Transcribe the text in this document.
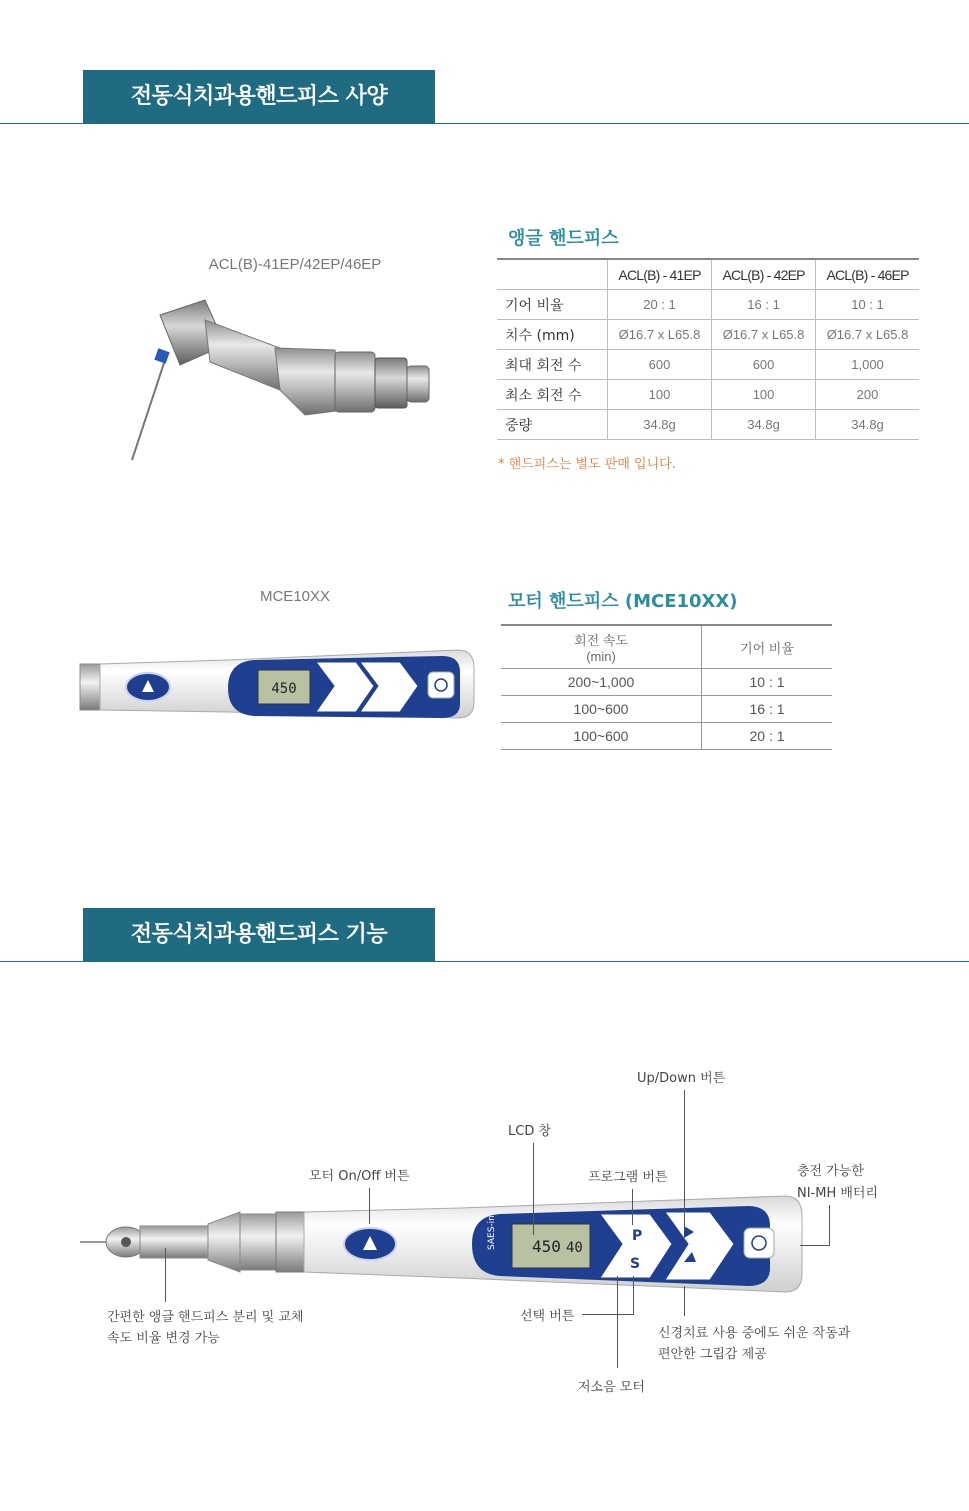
전동식치과용핸드피스 사양
ACL(B)-41EP/42EP/46EP
앵글 핸드피스
	ACL(B) - 41EP	ACL(B) - 42EP	ACL(B) - 46EP
기어 비율	20 : 1	16 : 1	10 : 1
치수 (mm)	Ø16.7 x L65.8	Ø16.7 x L65.8	Ø16.7 x L65.8
최대 회전 수	600	600	1,000
최소 회전 수	100	100	200
중량	34.8g	34.8g	34.8g
* 핸드피스는 별도 판매 입니다.
MCE10XX
450
모터 핸드피스 (MCE10XX)
회전 속도
(min)	기어 비율
200~1,000	10 : 1
100~600	16 : 1
100~600	20 : 1
전동식치과용핸드피스 기능
SAES-in 450 40
P
S
Up/Down 버튼
LCD 창
모터 On/Off 버튼	프로그램 버튼	충전 가능한
NI-MH 배터리
간편한 앵글 핸드피스 분리 및 교체
속도 비율 변경 가능
선택 버튼
저소음 모터
신경치료 사용 중에도 쉬운 작동과
편안한 그립감 제공
